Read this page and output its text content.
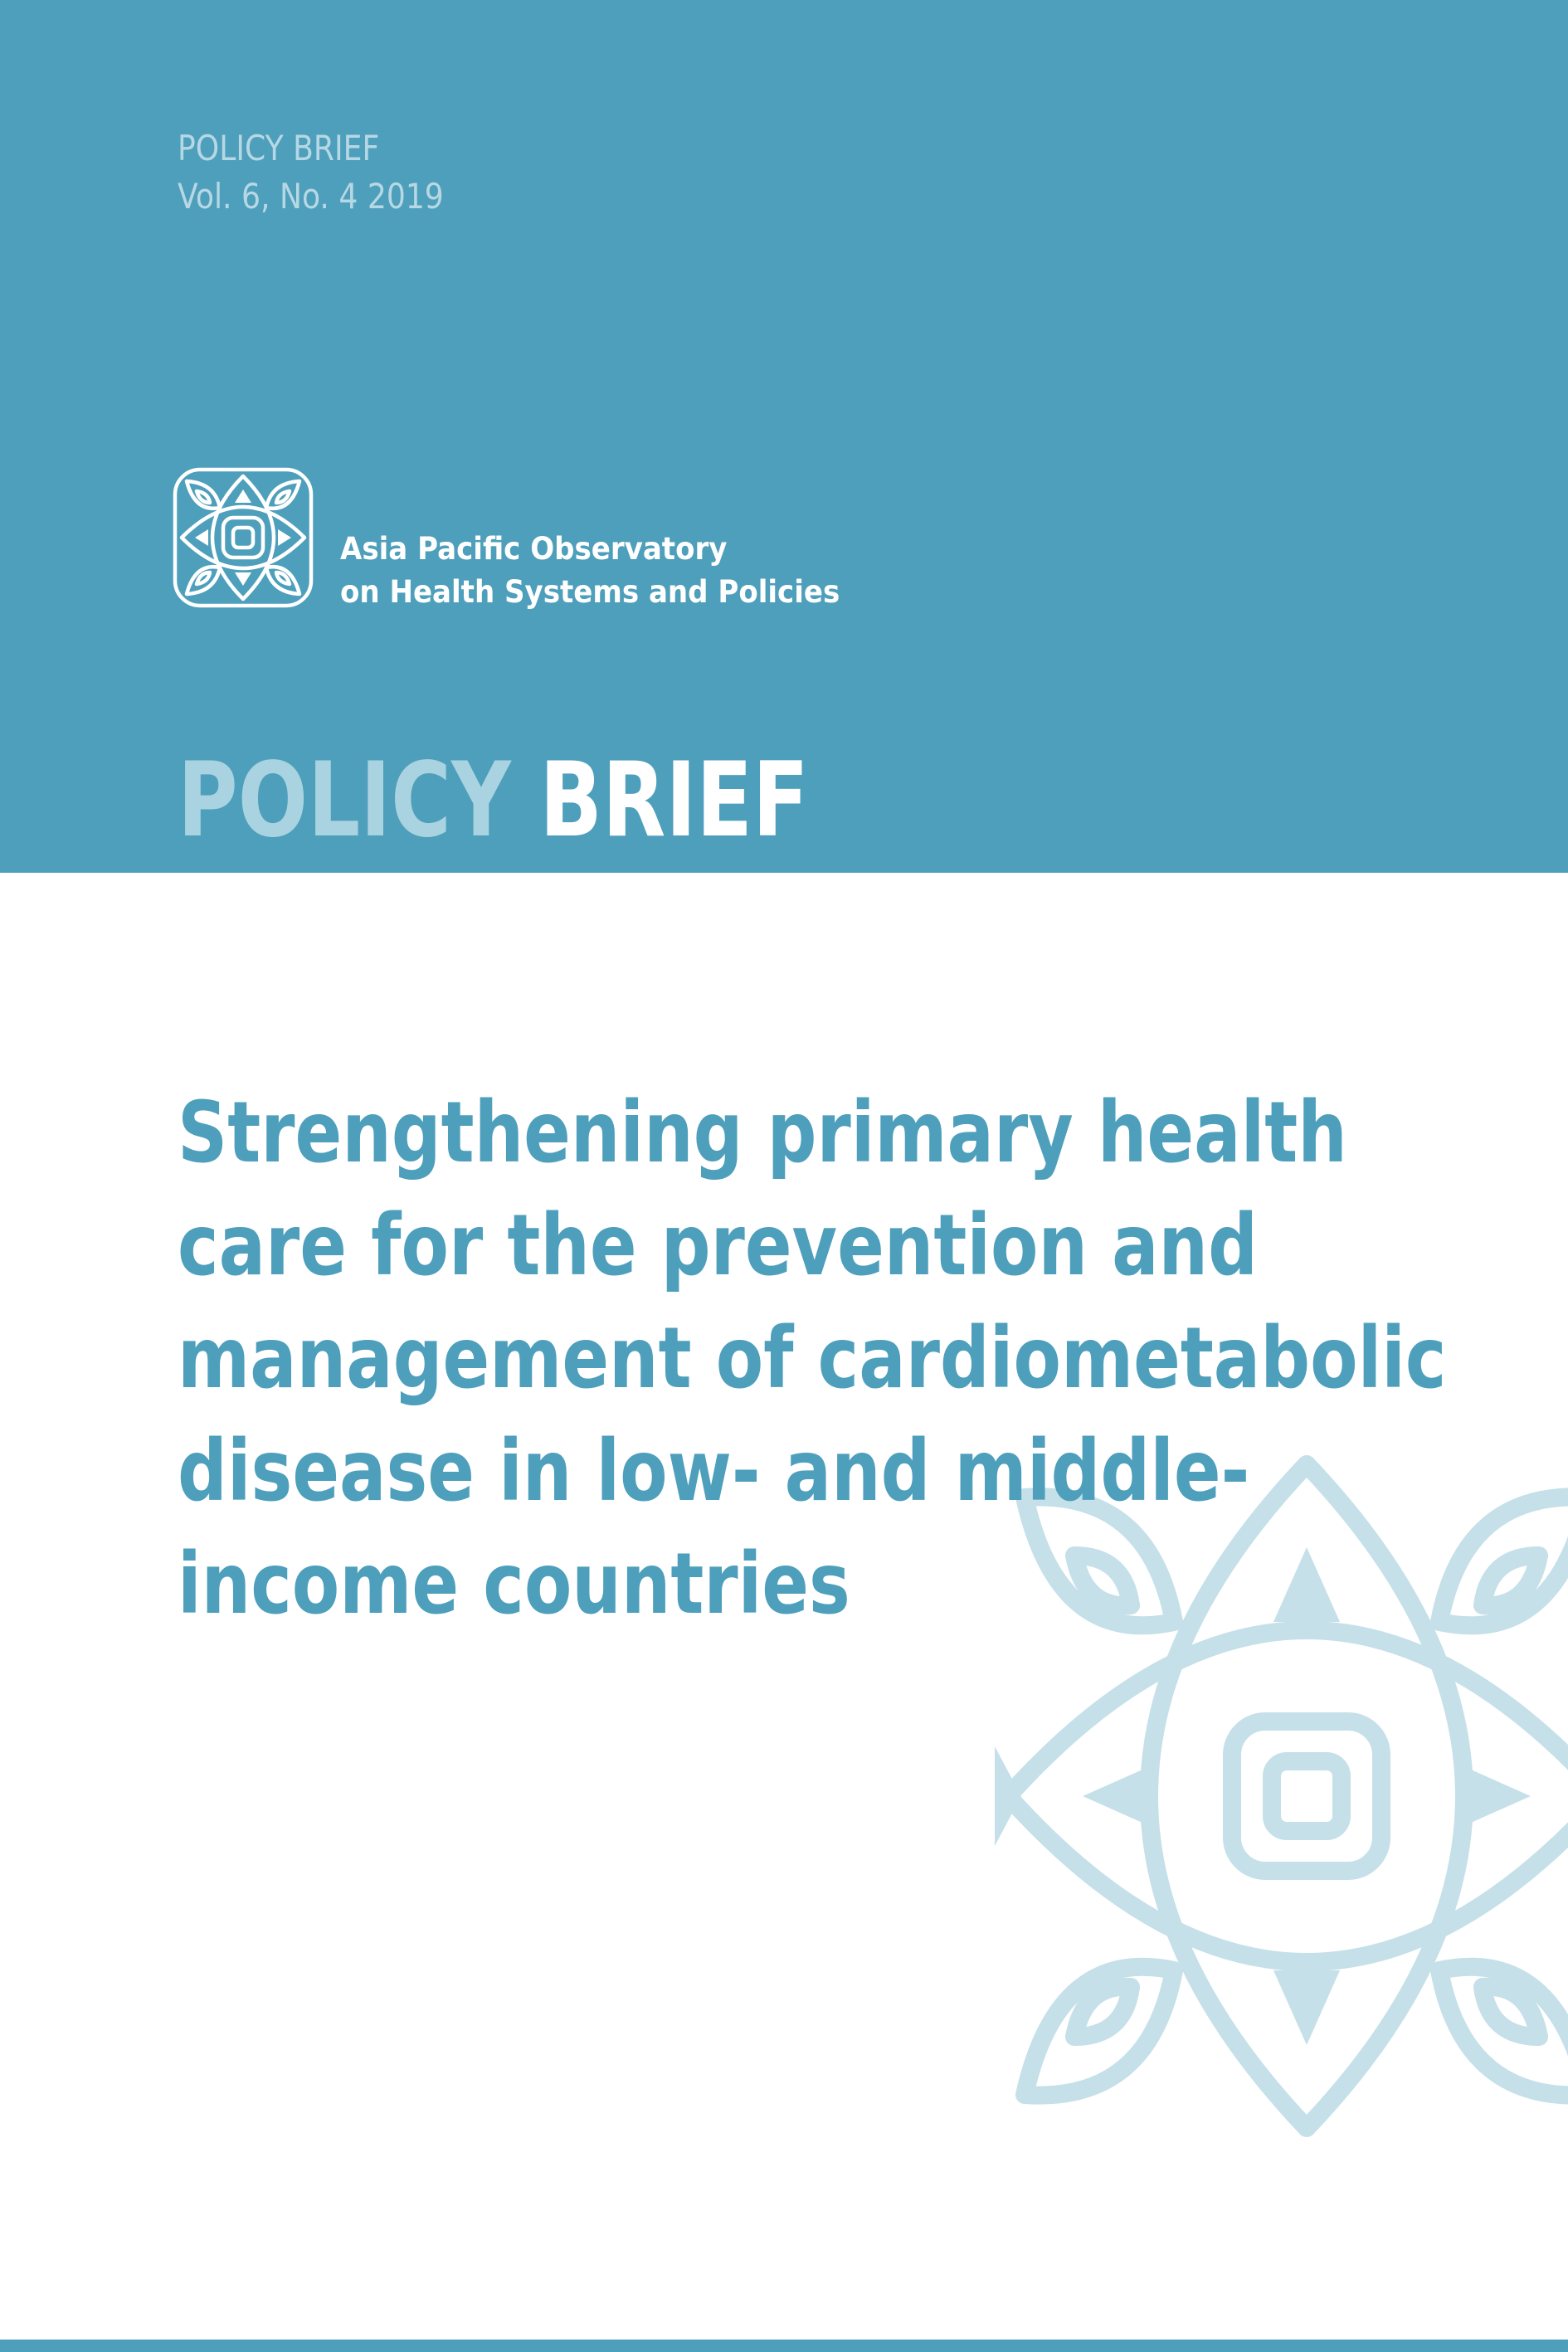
POLICY BRIEF
Vol. 6, No. 4 2019
Asia Pacific Observatory
on Health Systems and Policies
POLICY BRIEF
Strengthening primary health
care for the prevention and
management of cardiometabolic
disease in low- and middle-
income countries
